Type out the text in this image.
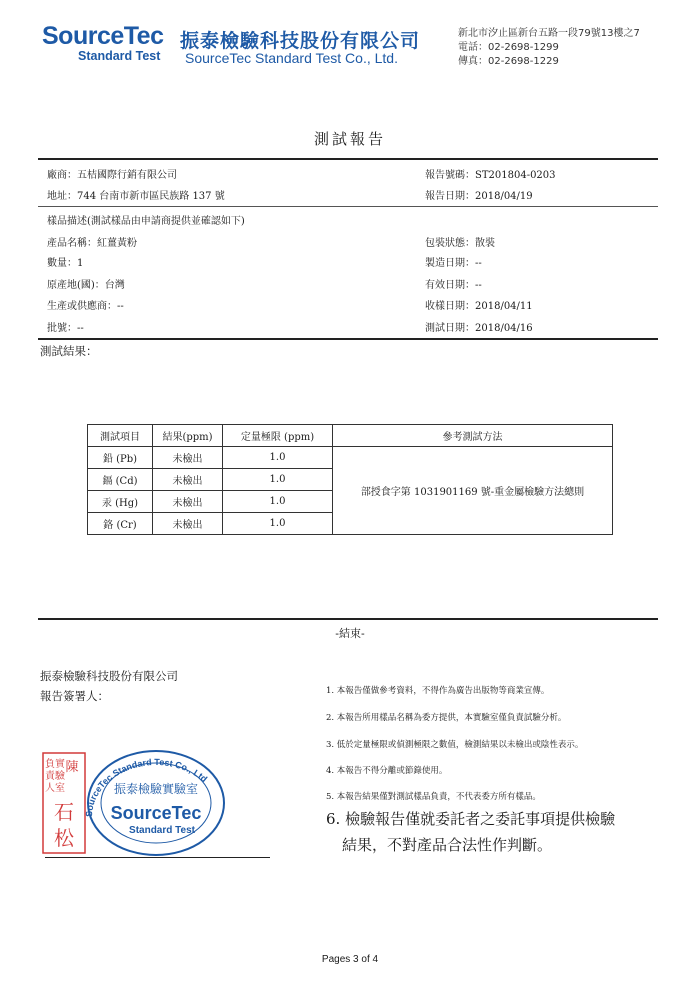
SourceTec
Standard Test
振泰檢驗科技股份有限公司
SourceTec Standard Test Co., Ltd.
新北市汐止區新台五路一段79號13樓之7
電話：02-2698-1299
傳真：02-2698-1229
測試報告
廠商：五桔國際行銷有限公司	報告號碼：ST201804-0203
地址：744 台南市新市區民族路 137 號	報告日期：2018/04/19
樣品描述(測試樣品由申請商提供並確認如下)
產品名稱：紅薑黃粉	包裝狀態：散裝
數量：1	製造日期：--
原產地(國)：台灣	有效日期：--
生產或供應商：--	收樣日期：2018/04/11
批號：--	測試日期：2018/04/16
測試結果：
測試項目	結果(ppm)	定量極限 (ppm)	參考測試方法
鉛 (Pb)	未檢出	1.0	部授食字第 1031901169 號-重金屬檢驗方法總則
鎘 (Cd)	未檢出	1.0	
汞 (Hg)	未檢出	1.0	
鉻 (Cr)	未檢出	1.0	
-結束-
振泰檢驗科技股份有限公司
報告簽署人：
負實
責驗
人室
陳
石
松
SourceTec Standard Test Co., Ltd
振泰檢驗實驗室
SourceTec
Standard Test
1. 本報告僅做參考資料，不得作為廣告出版物等商業宣傳。
2. 本報告所用樣品名稱為委方提供，本實驗室僅負責試驗分析。
3. 低於定量極限或偵測極限之數值，檢測結果以未檢出或陰性表示。
4. 本報告不得分離或節錄使用。
5. 本報告結果僅對測試樣品負責，不代表委方所有樣品。
6. 檢驗報告僅就委託者之委託事項提供檢驗
結果，不對產品合法性作判斷。
Pages 3 of 4
